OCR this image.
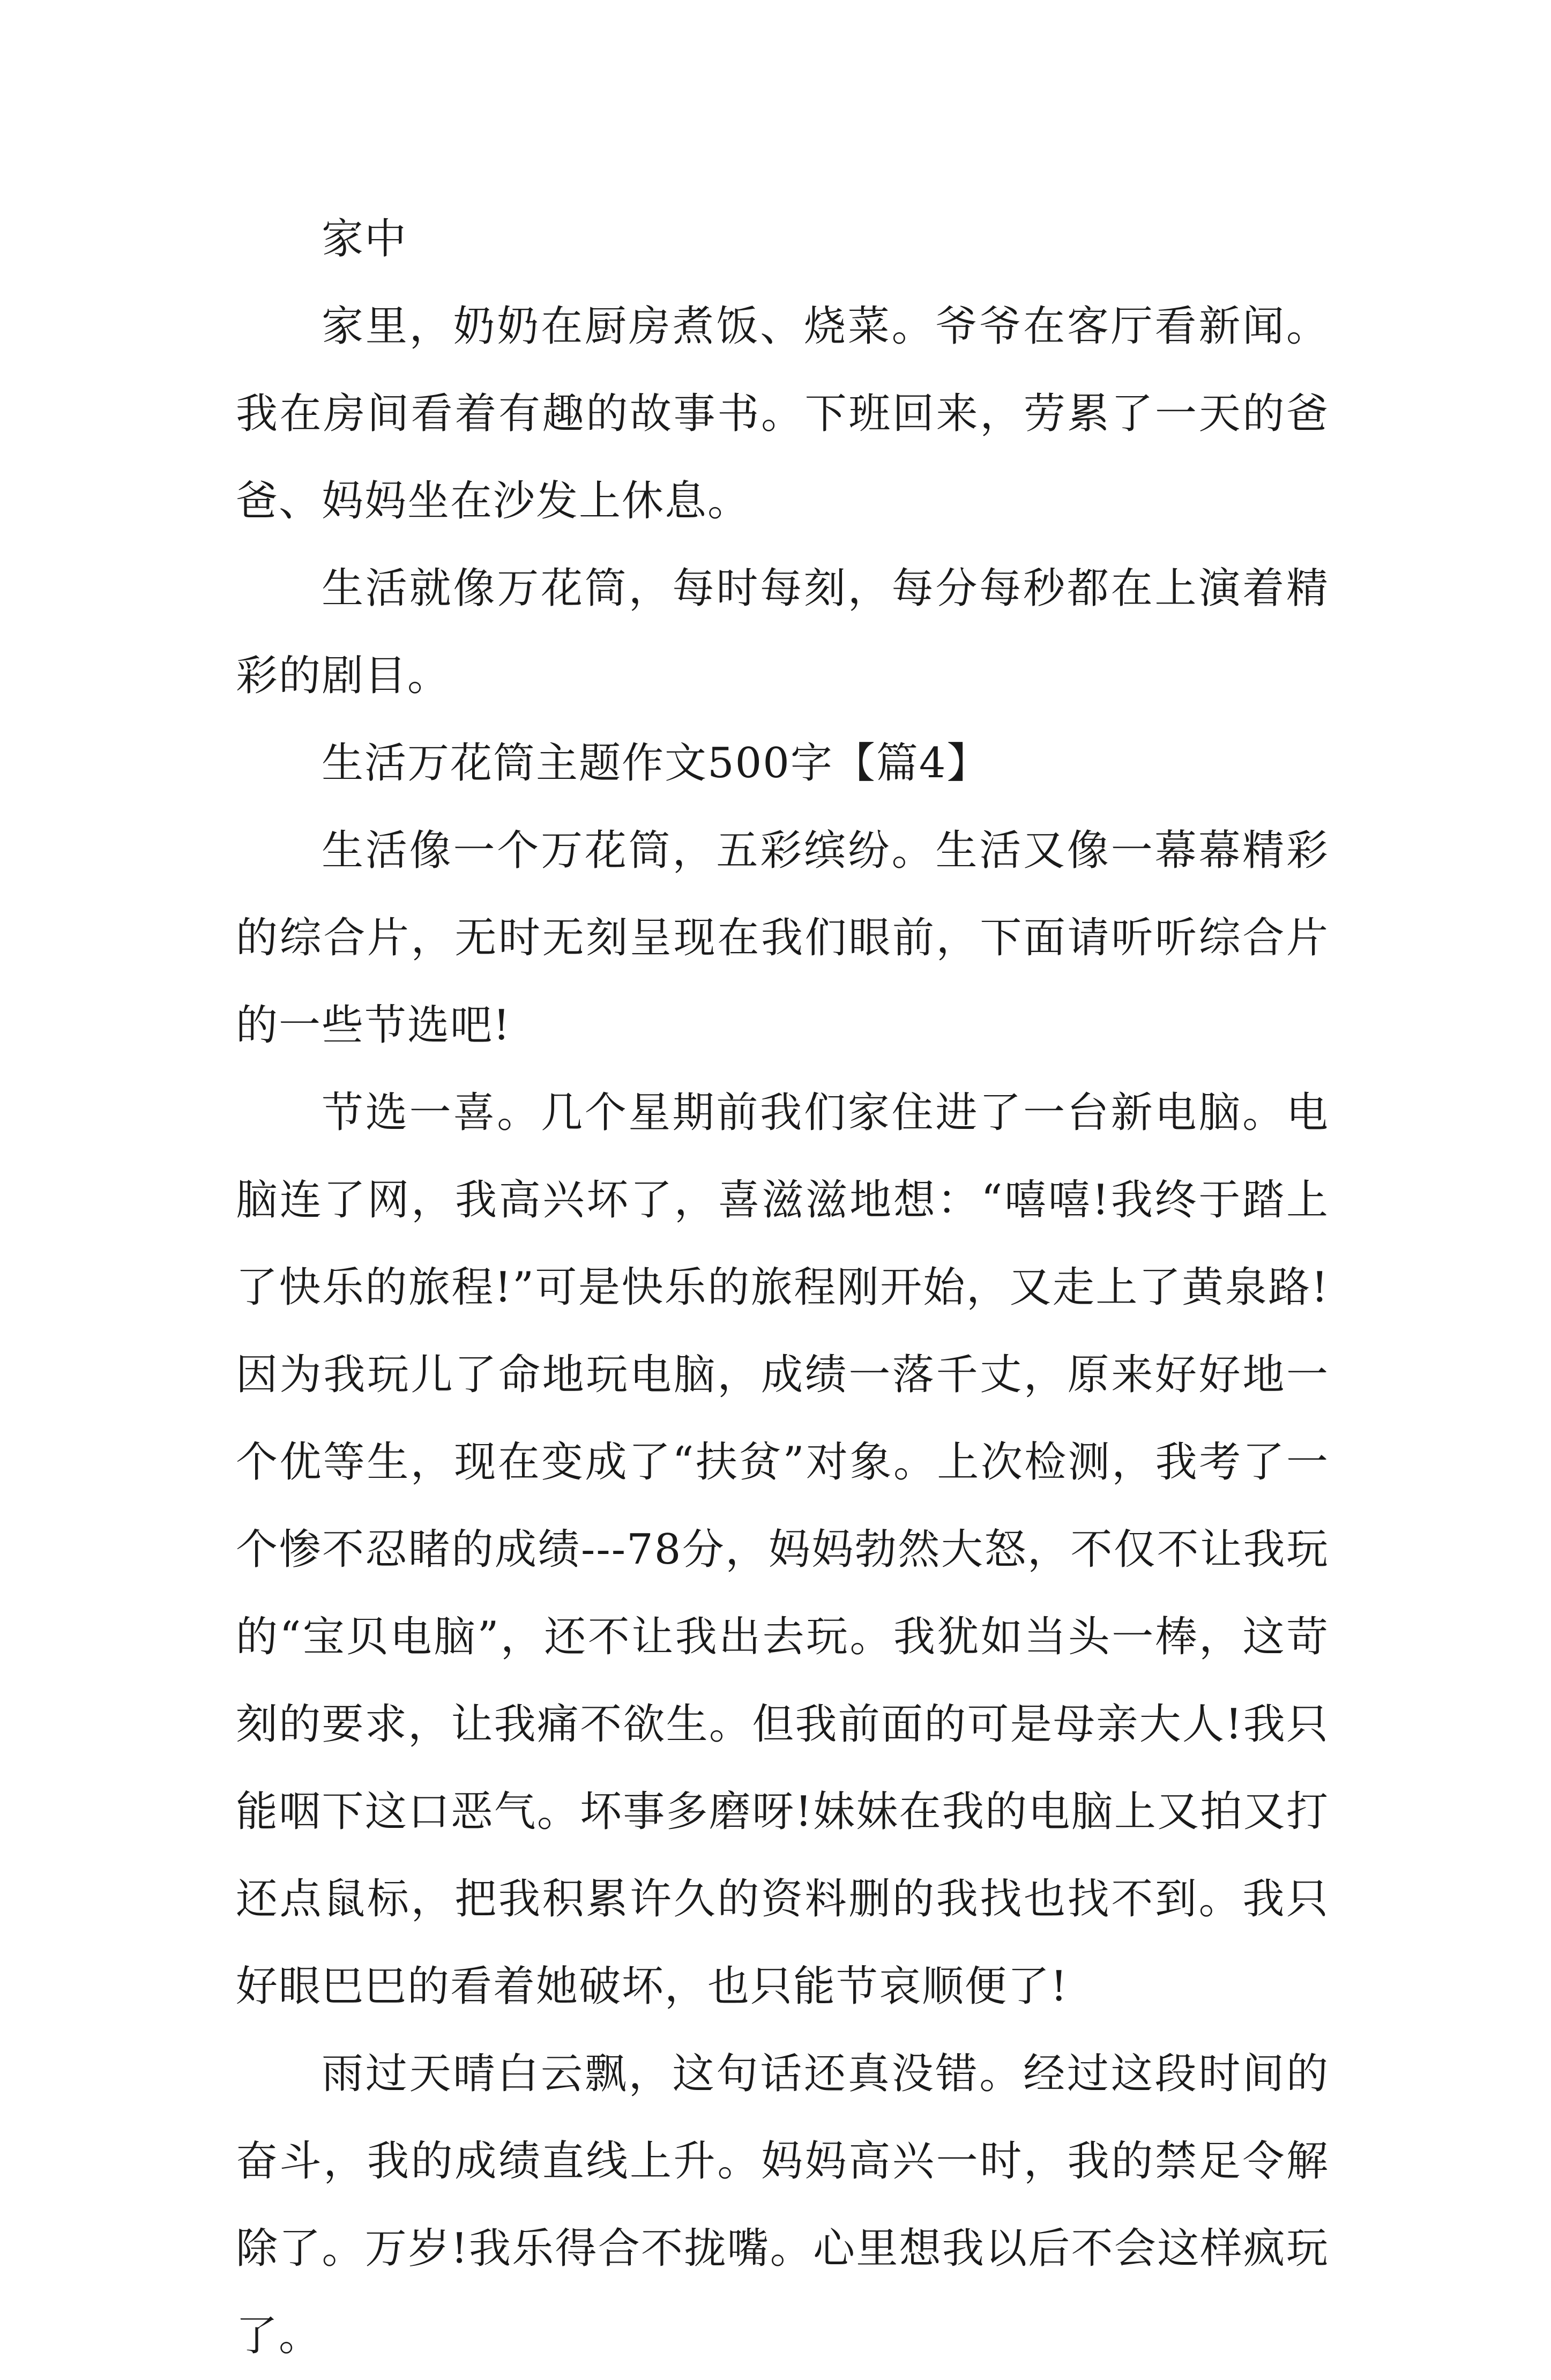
家中

家里，奶奶在厨房煮饭、烧菜。爷爷在客厅看新闻。我在房间看着有趣的故事书。下班回来，劳累了一天的爸爸、妈妈坐在沙发上休息。

生活就像万花筒，每时每刻，每分每秒都在上演着精彩的剧目。

生活万花筒主题作文500字【篇4】

生活像一个万花筒，五彩缤纷。生活又像一幕幕精彩的综合片，无时无刻呈现在我们眼前，下面请听听综合片的一些节选吧!

节选一喜。几个星期前我们家住进了一台新电脑。电脑连了网，我高兴坏了，喜滋滋地想：“嘻嘻!我终于踏上了快乐的旅程!”可是快乐的旅程刚开始，又走上了黄泉路!因为我玩儿了命地玩电脑，成绩一落千丈，原来好好地一个优等生，现在变成了“扶贫”对象。上次检测，我考了一个惨不忍睹的成绩---78分，妈妈勃然大怒，不仅不让我玩的“宝贝电脑”，还不让我出去玩。我犹如当头一棒，这苛刻的要求，让我痛不欲生。但我前面的可是母亲大人!我只能咽下这口恶气。坏事多磨呀!妹妹在我的电脑上又拍又打还点鼠标，把我积累许久的资料删的我找也找不到。我只好眼巴巴的看着她破坏，也只能节哀顺便了!

雨过天晴白云飘，这句话还真没错。经过这段时间的奋斗，我的成绩直线上升。妈妈高兴一时，我的禁足令解除了。万岁!我乐得合不拢嘴。心里想我以后不会这样疯玩了。
